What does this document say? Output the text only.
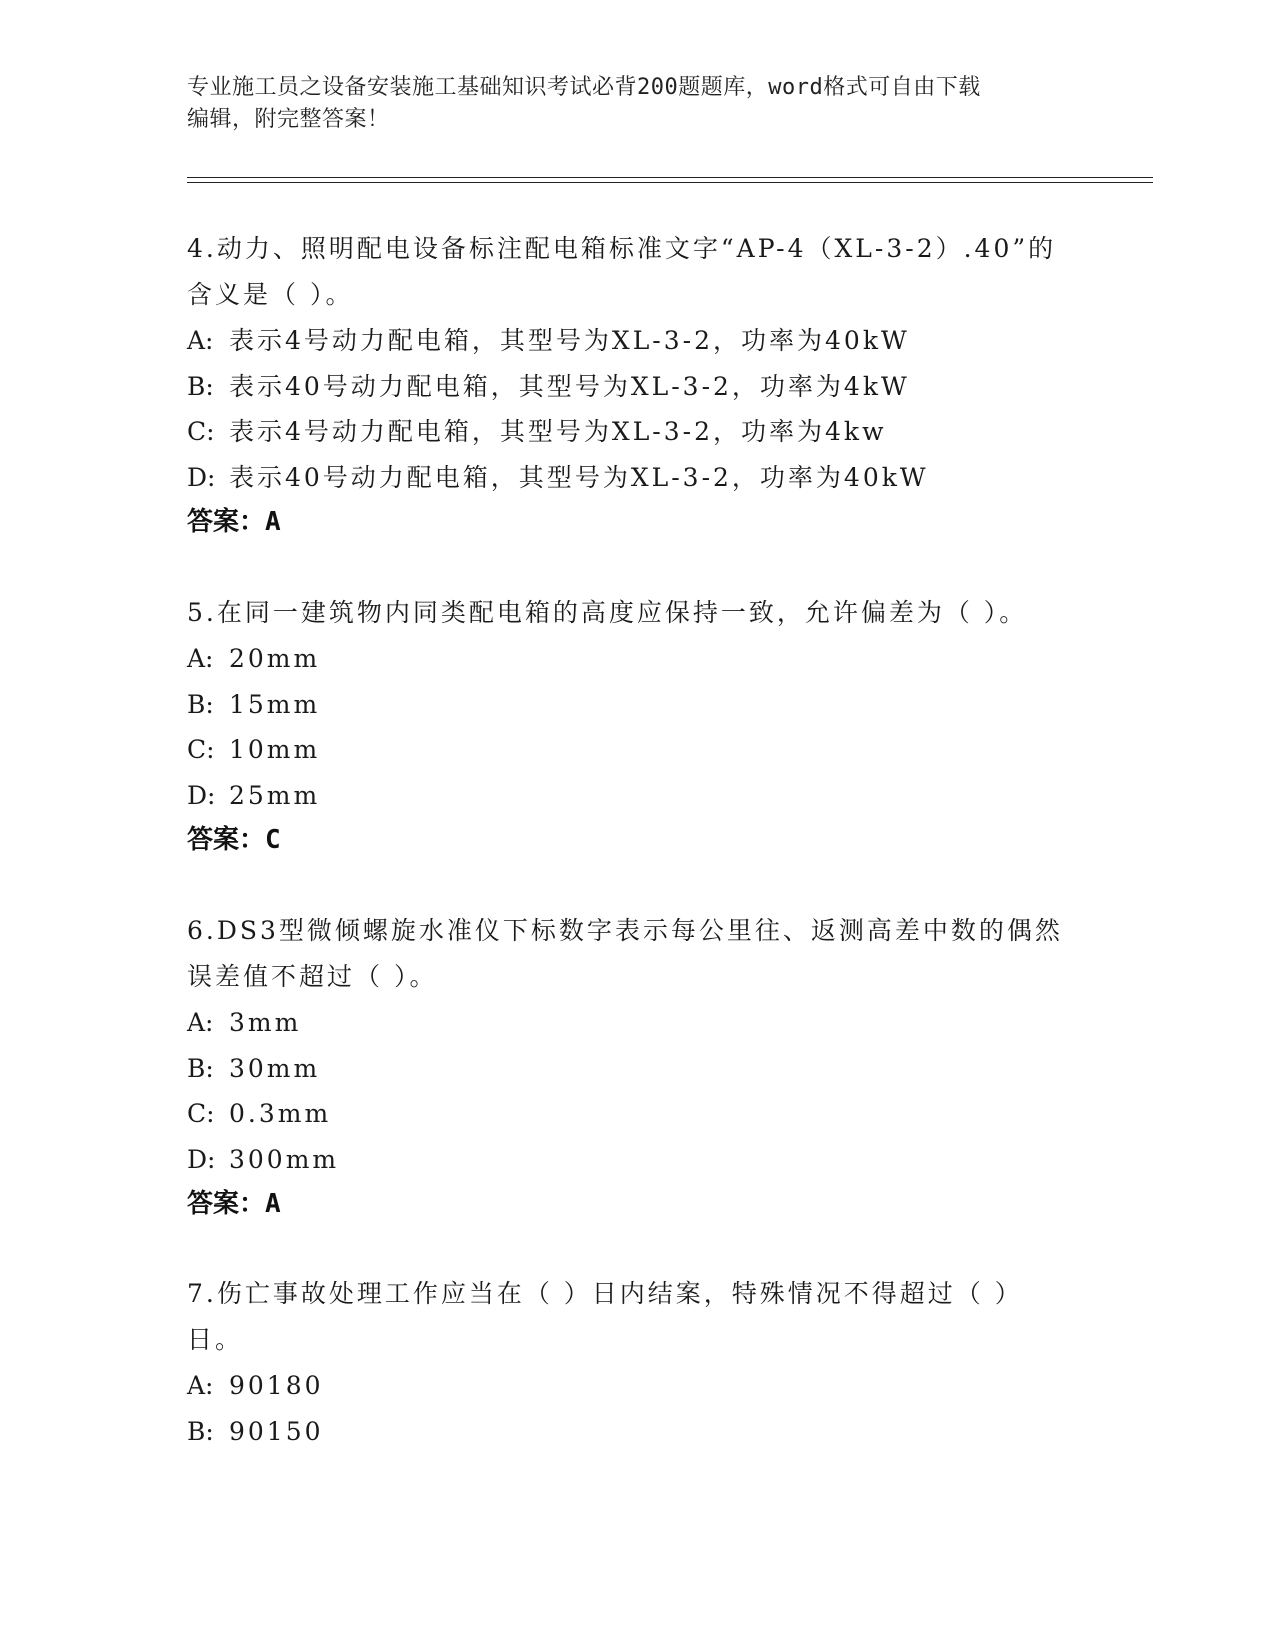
专业施工员之设备安装施工基础知识考试必背200题题库，word格式可自由下载
编辑，附完整答案！
4.动力、照明配电设备标注配电箱标准文字“AP-4（XL-3-2）.40”的
含义是（ ）。
A: 表示4号动力配电箱，其型号为XL-3-2，功率为40kW
B: 表示40号动力配电箱，其型号为XL-3-2，功率为4kW
C: 表示4号动力配电箱，其型号为XL-3-2，功率为4kw
D: 表示40号动力配电箱，其型号为XL-3-2，功率为40kW
答案：A
5.在同一建筑物内同类配电箱的高度应保持一致，允许偏差为（ ）。
A: 20mm
B: 15mm
C: 10mm
D: 25mm
答案：C
6.DS3型微倾螺旋水准仪下标数字表示每公里往、返测高差中数的偶然
误差值不超过（ ）。
A: 3mm
B: 30mm
C: 0.3mm
D: 300mm
答案：A
7.伤亡事故处理工作应当在（ ）日内结案，特殊情况不得超过（ ）
日。
A: 90180
B: 90150
